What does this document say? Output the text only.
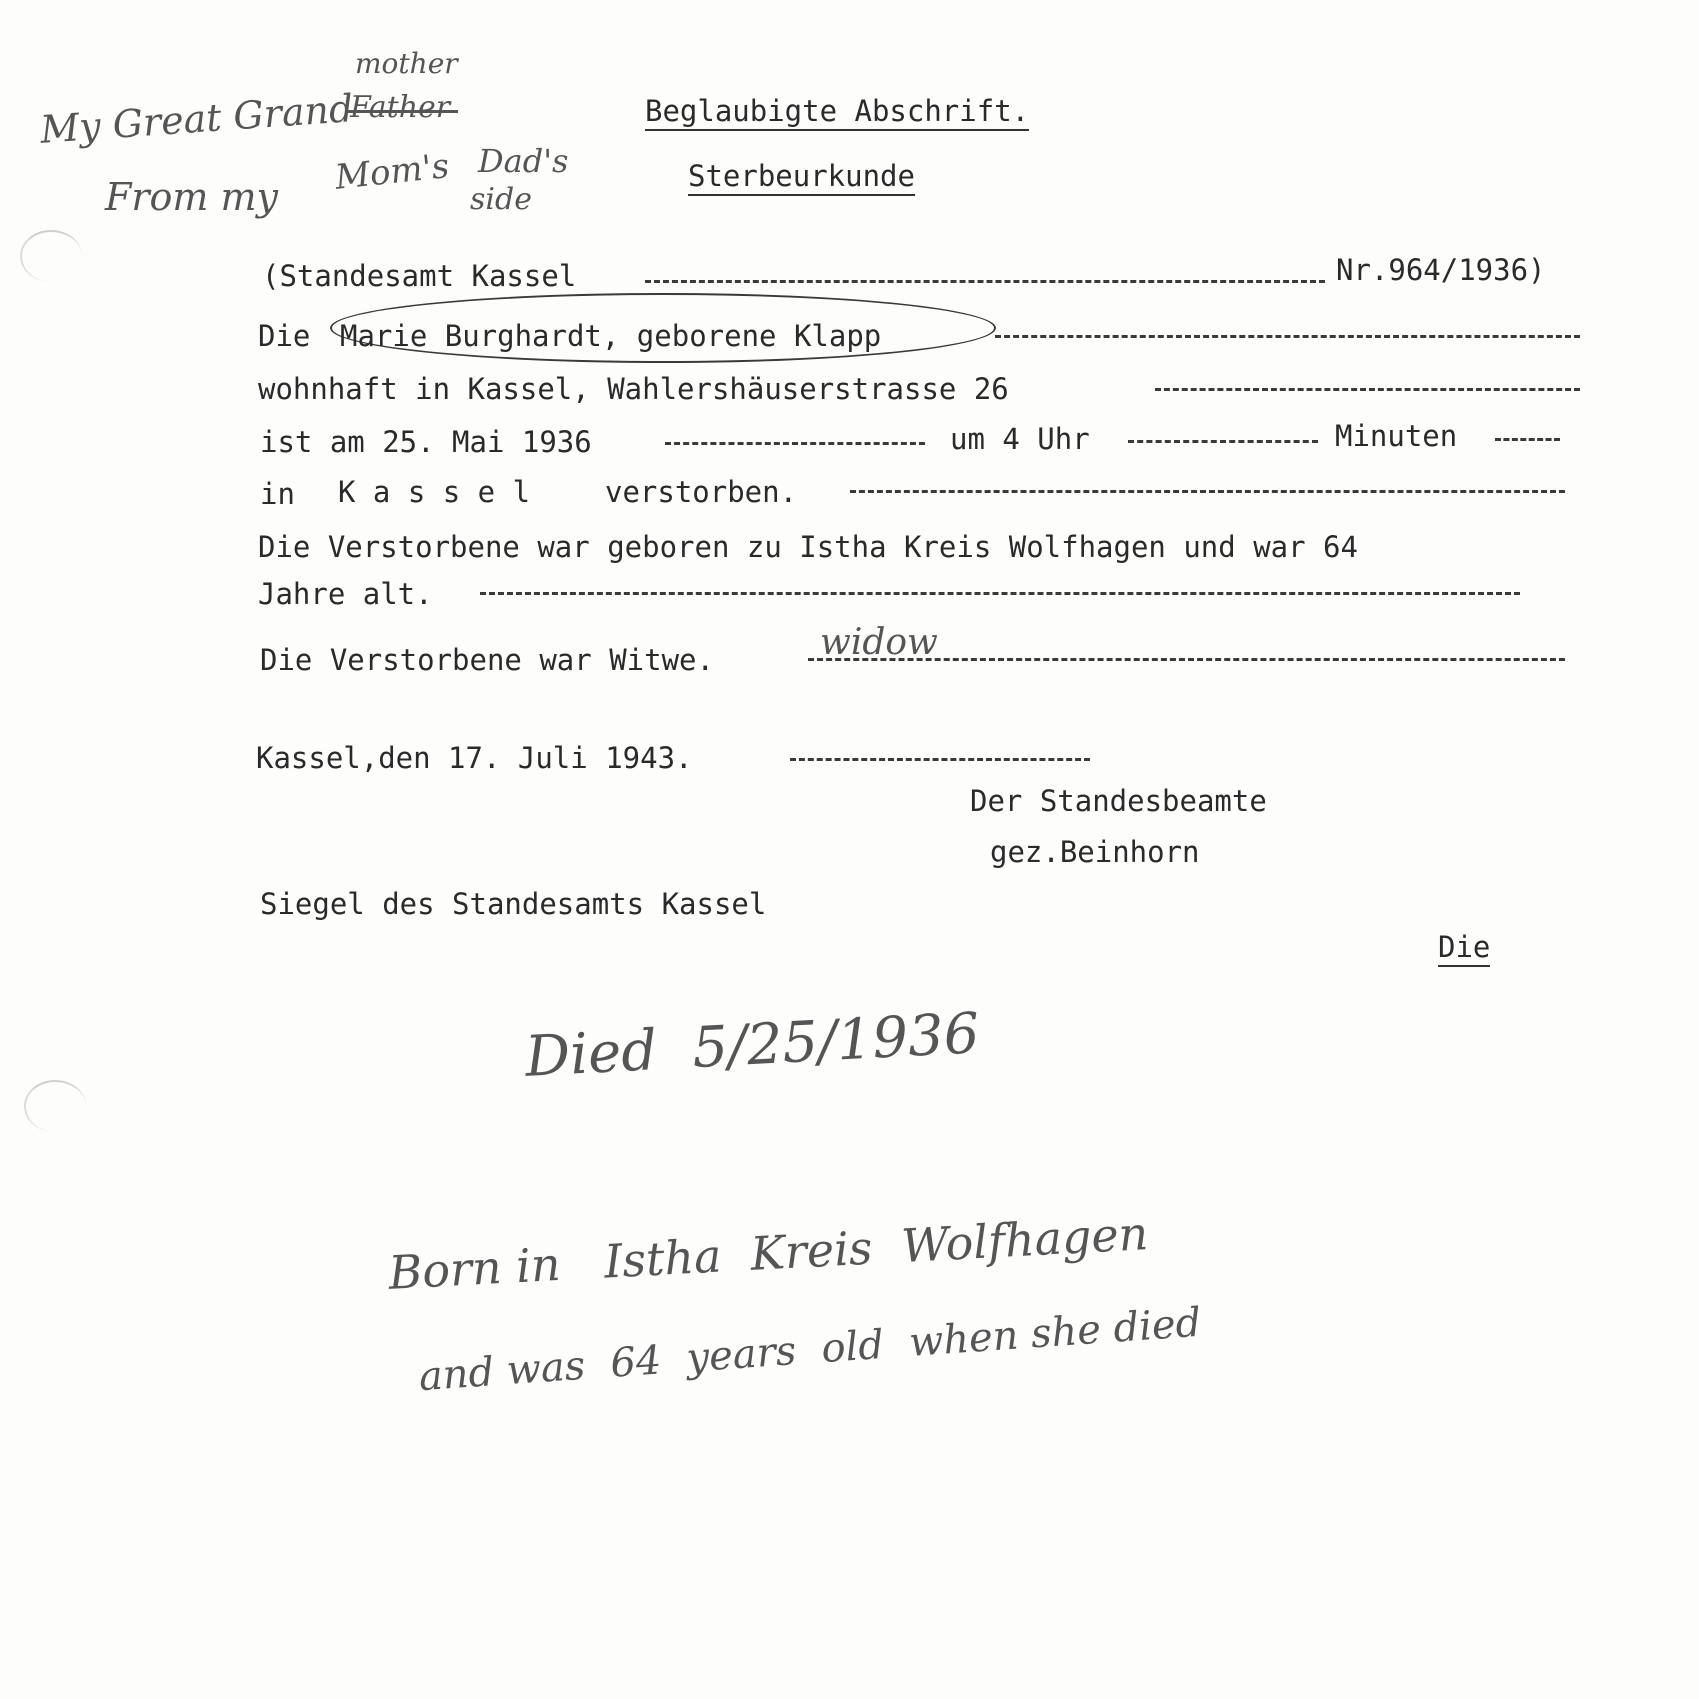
mother
My Great Grand
Father
From my Mom's Dad's
side
Beglaubigte Abschrift.
Sterbeurkunde
(Standesamt Kassel	Nr.964/1936)
Die Marie Burghardt, geborene Klapp
wohnhaft in Kassel, Wahlershäuserstrasse 26
ist am 25. Mai 1936	um 4 Uhr	Minuten
in K a s s e l	verstorben.
Die Verstorbene war geboren zu Istha Kreis Wolfhagen und war 64
Jahre alt.
Die Verstorbene war Witwe.	widow
Kassel,den 17. Juli 1943.
Der Standesbeamte
gez.Beinhorn
Siegel des Standesamts Kassel
Die
Died  5/25/1936
Born in   Istha  Kreis  Wolfhagen
and was  64  years  old  when she died
